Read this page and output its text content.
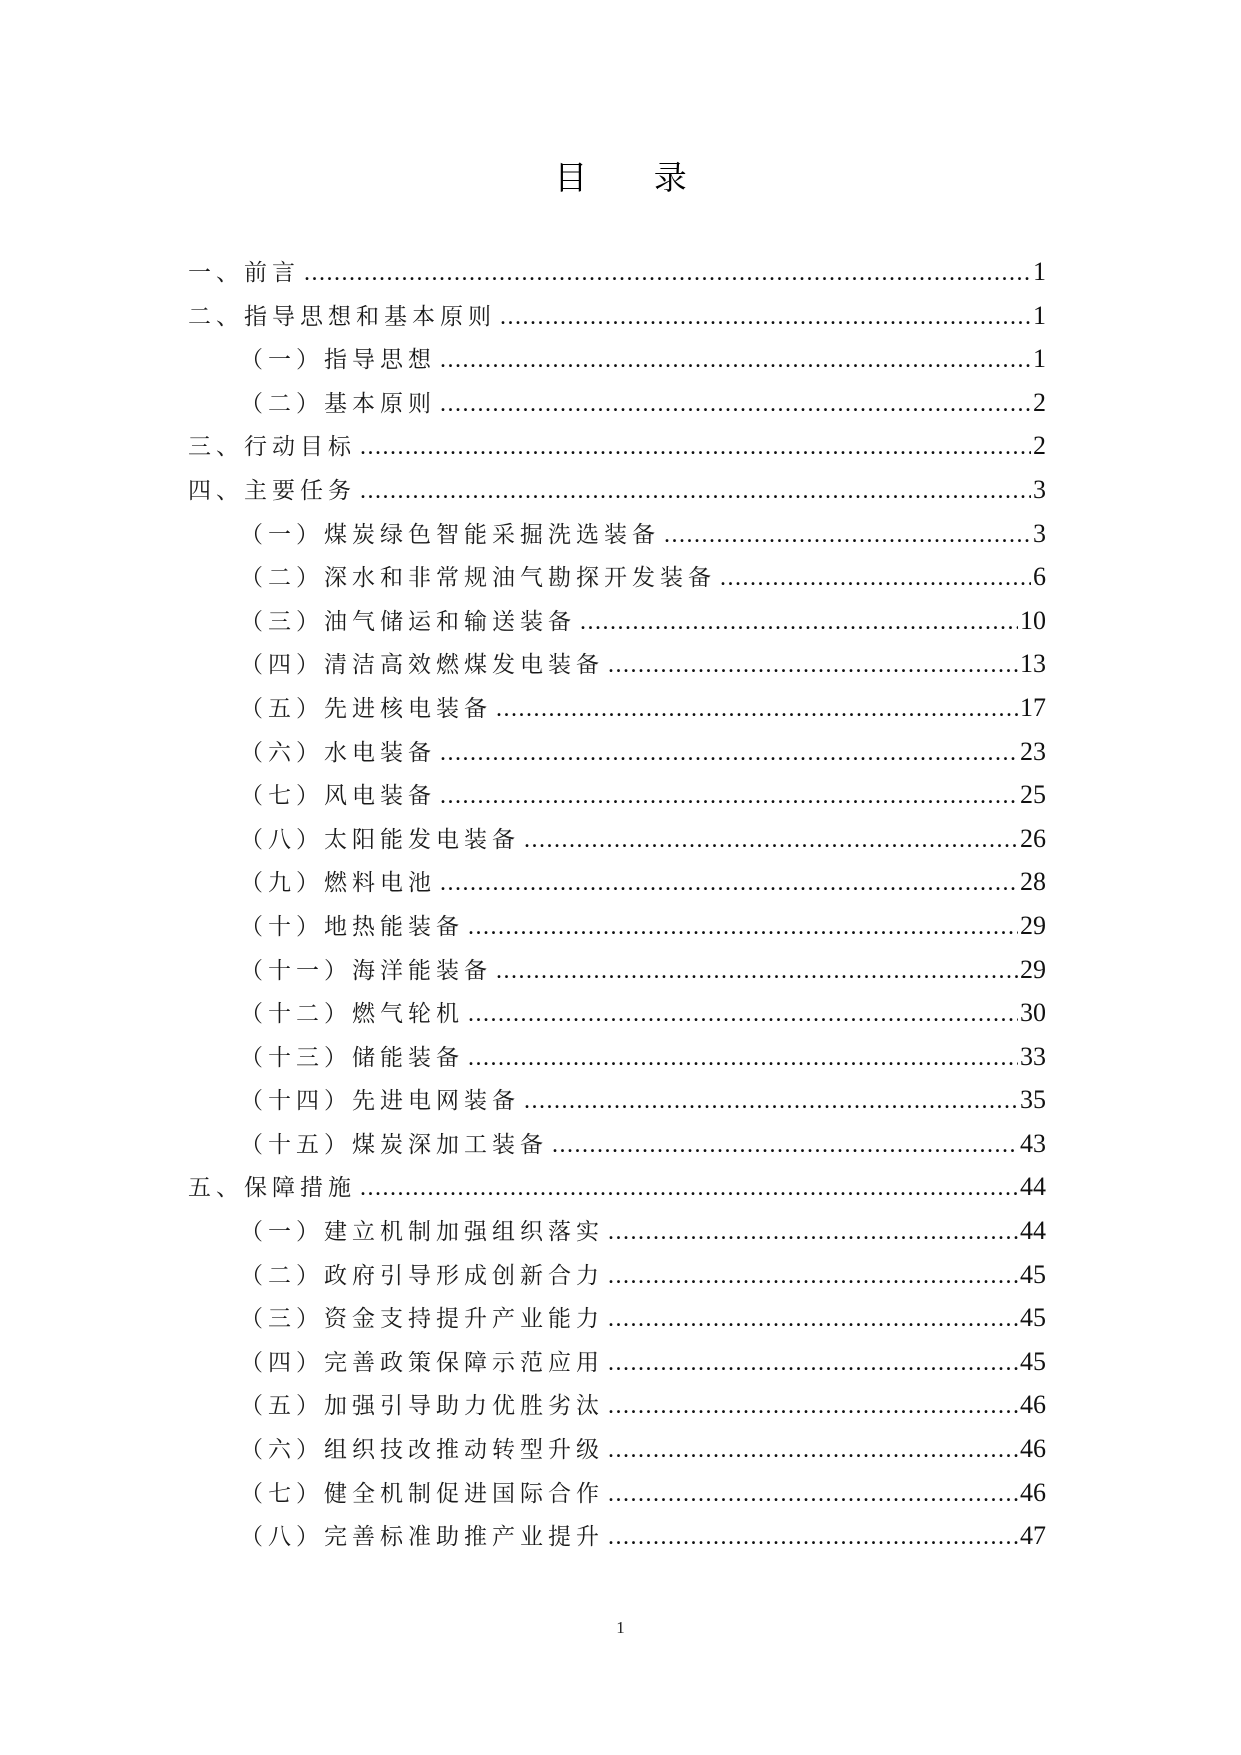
目 录
一、前言 .....	1
二、指导思想和基本原则 .....	1
（一）指导思想 .....	1
（二）基本原则 .....	2
三、行动目标 .....	2
四、主要任务 .....	3
（一）煤炭绿色智能采掘洗选装备 .....	3
（二）深水和非常规油气勘探开发装备 .....	6
（三）油气储运和输送装备 .....	10
（四）清洁高效燃煤发电装备 .....	13
（五）先进核电装备 .....	17
（六）水电装备 .....	23
（七）风电装备 .....	25
（八）太阳能发电装备 .....	26
（九）燃料电池 .....	28
（十）地热能装备 .....	29
（十一）海洋能装备 .....	29
（十二）燃气轮机 .....	30
（十三）储能装备 .....	33
（十四）先进电网装备 .....	35
（十五）煤炭深加工装备 .....	43
五、保障措施 .....	44
（一）建立机制加强组织落实 .....	44
（二）政府引导形成创新合力 .....	45
（三）资金支持提升产业能力 .....	45
（四）完善政策保障示范应用 .....	45
（五）加强引导助力优胜劣汰 .....	46
（六）组织技改推动转型升级 .....	46
（七）健全机制促进国际合作 .....	46
（八）完善标准助推产业提升 .....	47
1
